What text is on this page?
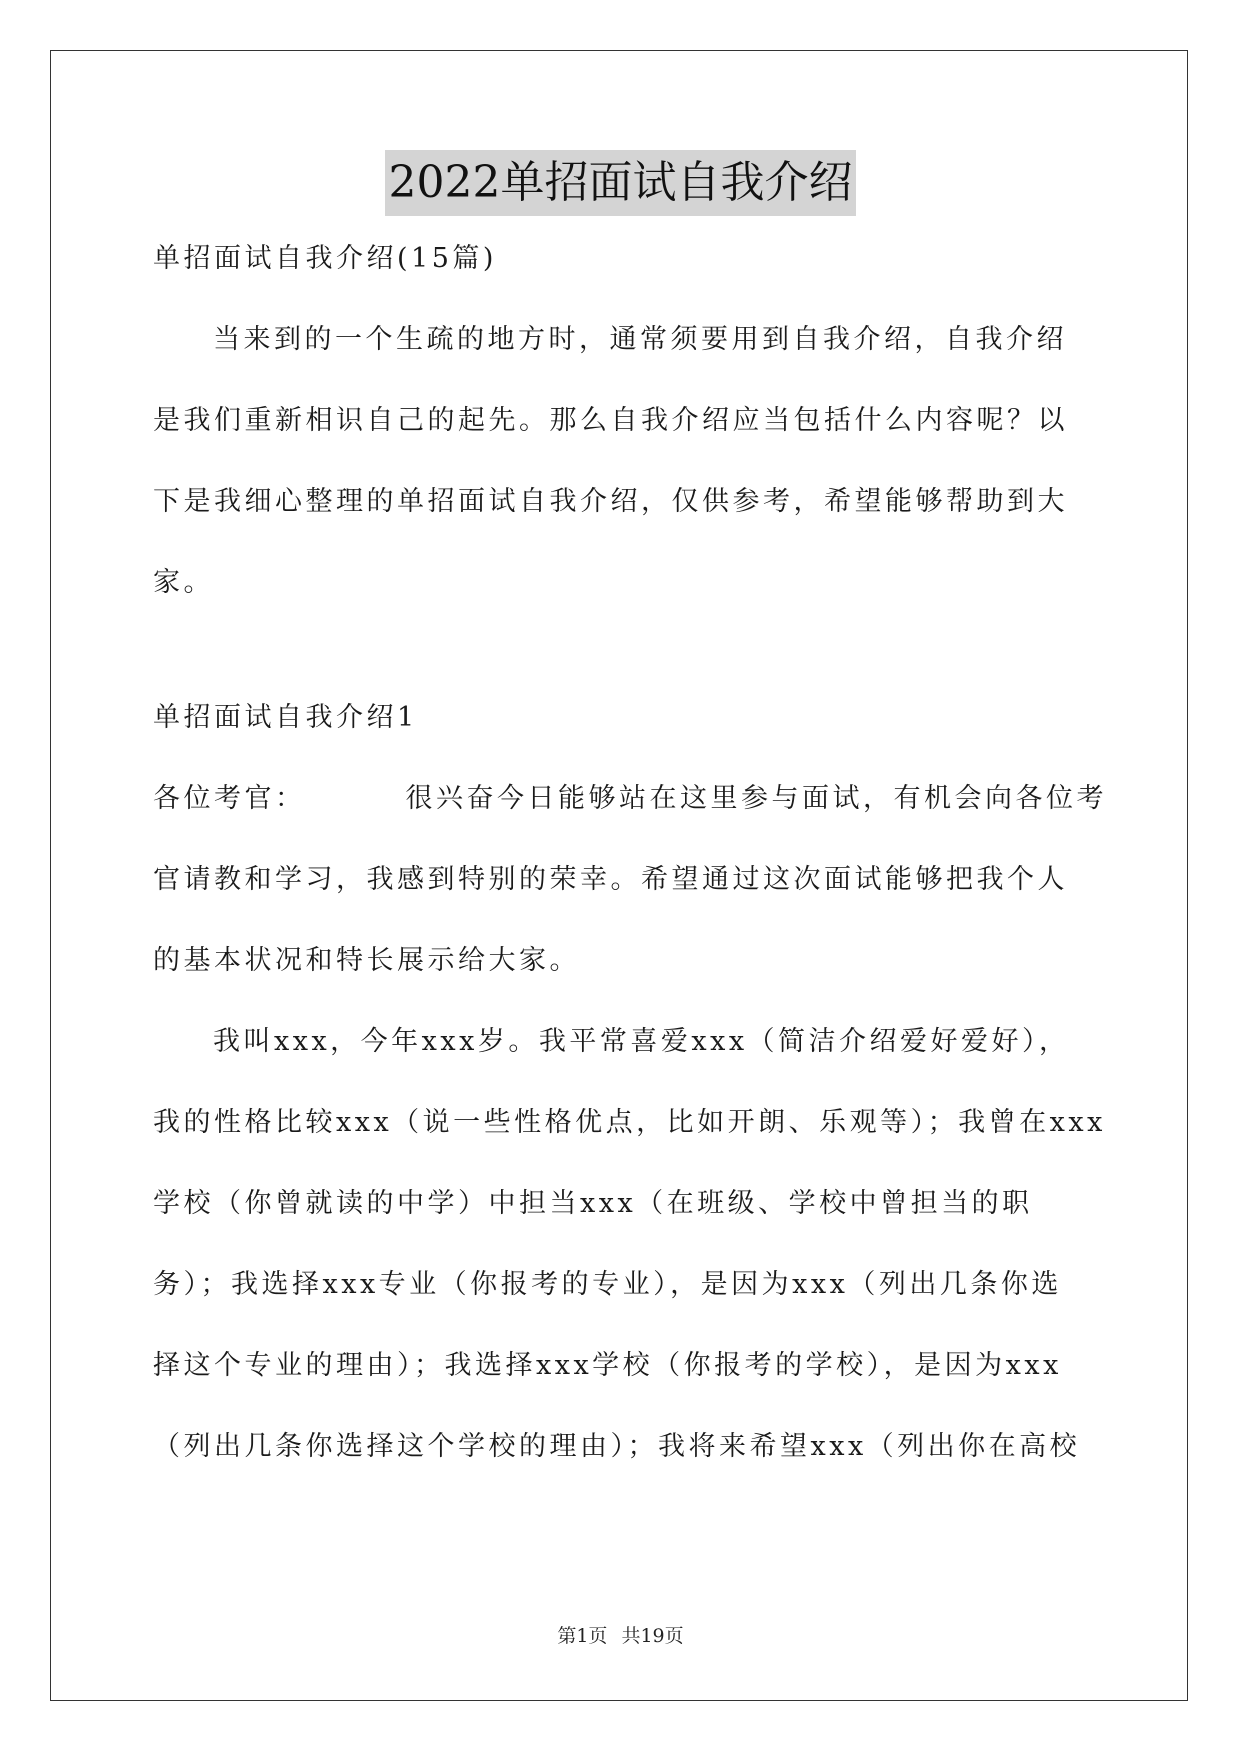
2022单招面试自我介绍
单招面试自我介绍(15篇)
当来到的一个生疏的地方时，通常须要用到自我介绍，自我介绍
是我们重新相识自己的起先。那么自我介绍应当包括什么内容呢？以
下是我细心整理的单招面试自我介绍，仅供参考，希望能够帮助到大
家。
单招面试自我介绍1
各位考官：	很兴奋今日能够站在这里参与面试，有机会向各位考
官请教和学习，我感到特别的荣幸。希望通过这次面试能够把我个人
的基本状况和特长展示给大家。
我叫xxx，今年xxx岁。我平常喜爱xxx（简洁介绍爱好爱好），
我的性格比较xxx（说一些性格优点，比如开朗、乐观等）；我曾在xxx
学校（你曾就读的中学）中担当xxx（在班级、学校中曾担当的职
务）；我选择xxx专业（你报考的专业），是因为xxx（列出几条你选
择这个专业的理由）；我选择xxx学校（你报考的学校），是因为xxx
（列出几条你选择这个学校的理由）；我将来希望xxx（列出你在高校
第1页 共19页
